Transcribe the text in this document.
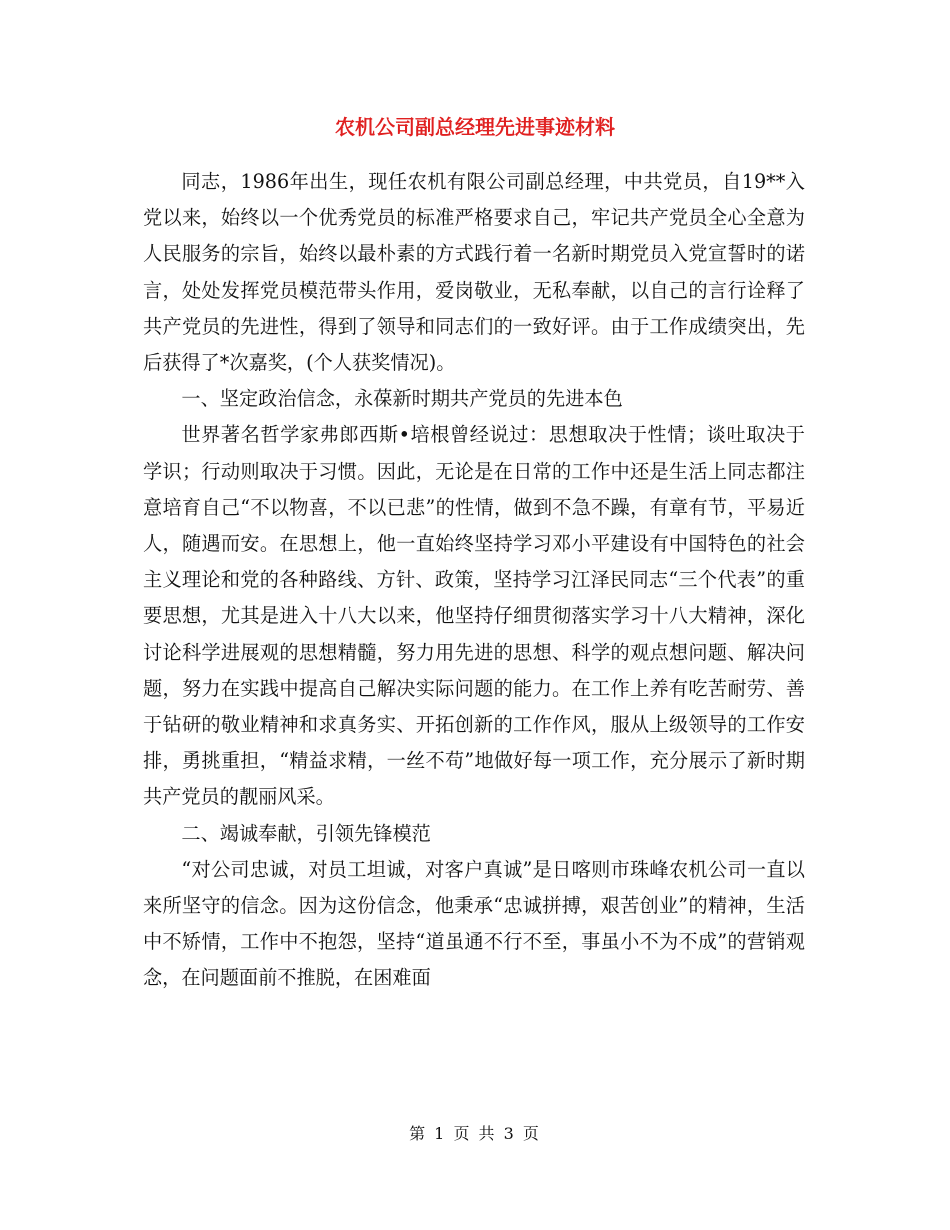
农机公司副总经理先进事迹材料

同志，1986年出生，现任农机有限公司副总经理，中共党员，自19**入党以来，始终以一个优秀党员的标准严格要求自己，牢记共产党员全心全意为人民服务的宗旨，始终以最朴素的方式践行着一名新时期党员入党宣誓时的诺言，处处发挥党员模范带头作用，爱岗敬业，无私奉献，以自己的言行诠释了共产党员的先进性，得到了领导和同志们的一致好评。由于工作成绩突出，先后获得了*次嘉奖，(个人获奖情况)。

一、坚定政治信念，永葆新时期共产党员的先进本色

世界著名哲学家弗郎西斯•培根曾经说过：思想取决于性情；谈吐取决于学识；行动则取决于习惯。因此，无论是在日常的工作中还是生活上同志都注意培育自己“不以物喜，不以已悲”的性情，做到不急不躁，有章有节，平易近人，随遇而安。在思想上，他一直始终坚持学习邓小平建设有中国特色的社会主义理论和党的各种路线、方针、政策，坚持学习江泽民同志“三个代表”的重要思想，尤其是进入十八大以来，他坚持仔细贯彻落实学习十八大精神，深化讨论科学进展观的思想精髓，努力用先进的思想、科学的观点想问题、解决问题，努力在实践中提高自己解决实际问题的能力。在工作上养有吃苦耐劳、善于钻研的敬业精神和求真务实、开拓创新的工作作风，服从上级领导的工作安排，勇挑重担，“精益求精，一丝不苟”地做好每一项工作，充分展示了新时期共产党员的靓丽风采。

二、竭诚奉献，引领先锋模范

“对公司忠诚，对员工坦诚，对客户真诚”是日喀则市珠峰农机公司一直以来所坚守的信念。因为这份信念，他秉承“忠诚拼搏，艰苦创业”的精神，生活中不矫情，工作中不抱怨，坚持“道虽通不行不至，事虽小不为不成”的营销观念，在问题面前不推脱，在困难面

第 1 页 共 3 页
